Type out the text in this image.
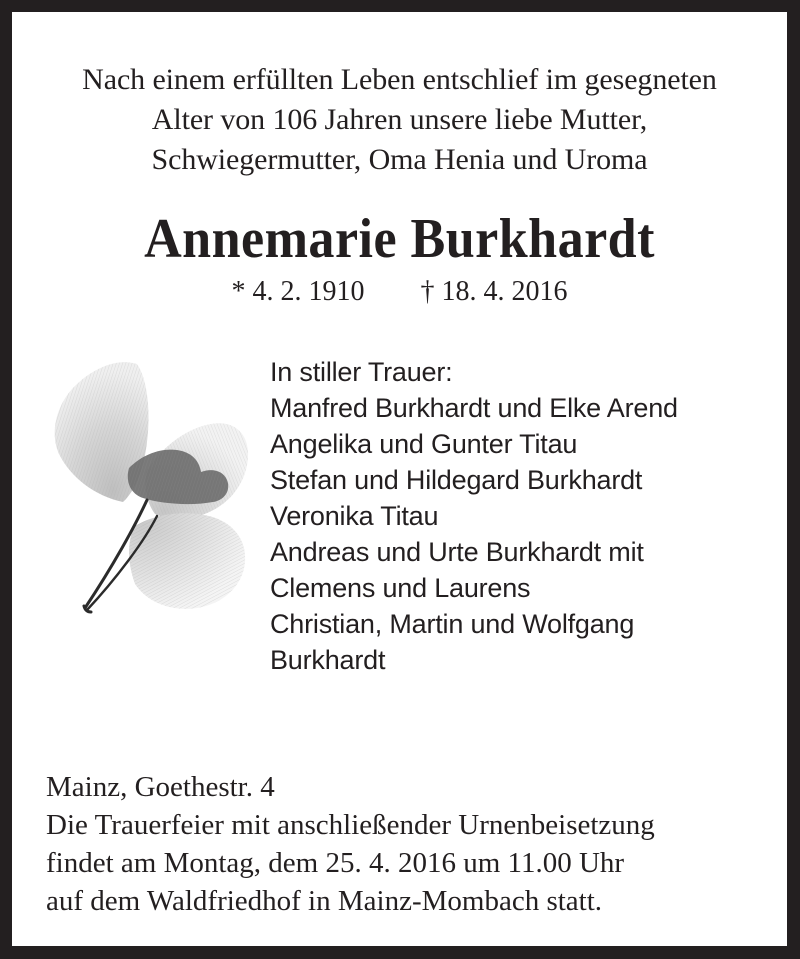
Nach einem erfüllten Leben entschlief im gesegneten
Alter von 106 Jahren unsere liebe Mutter,
Schwiegermutter, Oma Henia und Uroma
Annemarie Burkhardt
* 4. 2. 1910 † 18. 4. 2016

In stiller Trauer:

Manfred Burkhardt und Elke Arend

Angelika und Gunter Titau

Stefan und Hildegard Burkhardt

Veronika Titau

Andreas und Urte Burkhardt mit

Clemens und Laurens

Christian, Martin und Wolfgang

Burkhardt

Mainz, Goethestr. 4

Die Trauerfeier mit anschließender Urnenbeisetzung

findet am Montag, dem 25. 4. 2016 um 11.00 Uhr

auf dem Waldfriedhof in Mainz-Mombach statt.
